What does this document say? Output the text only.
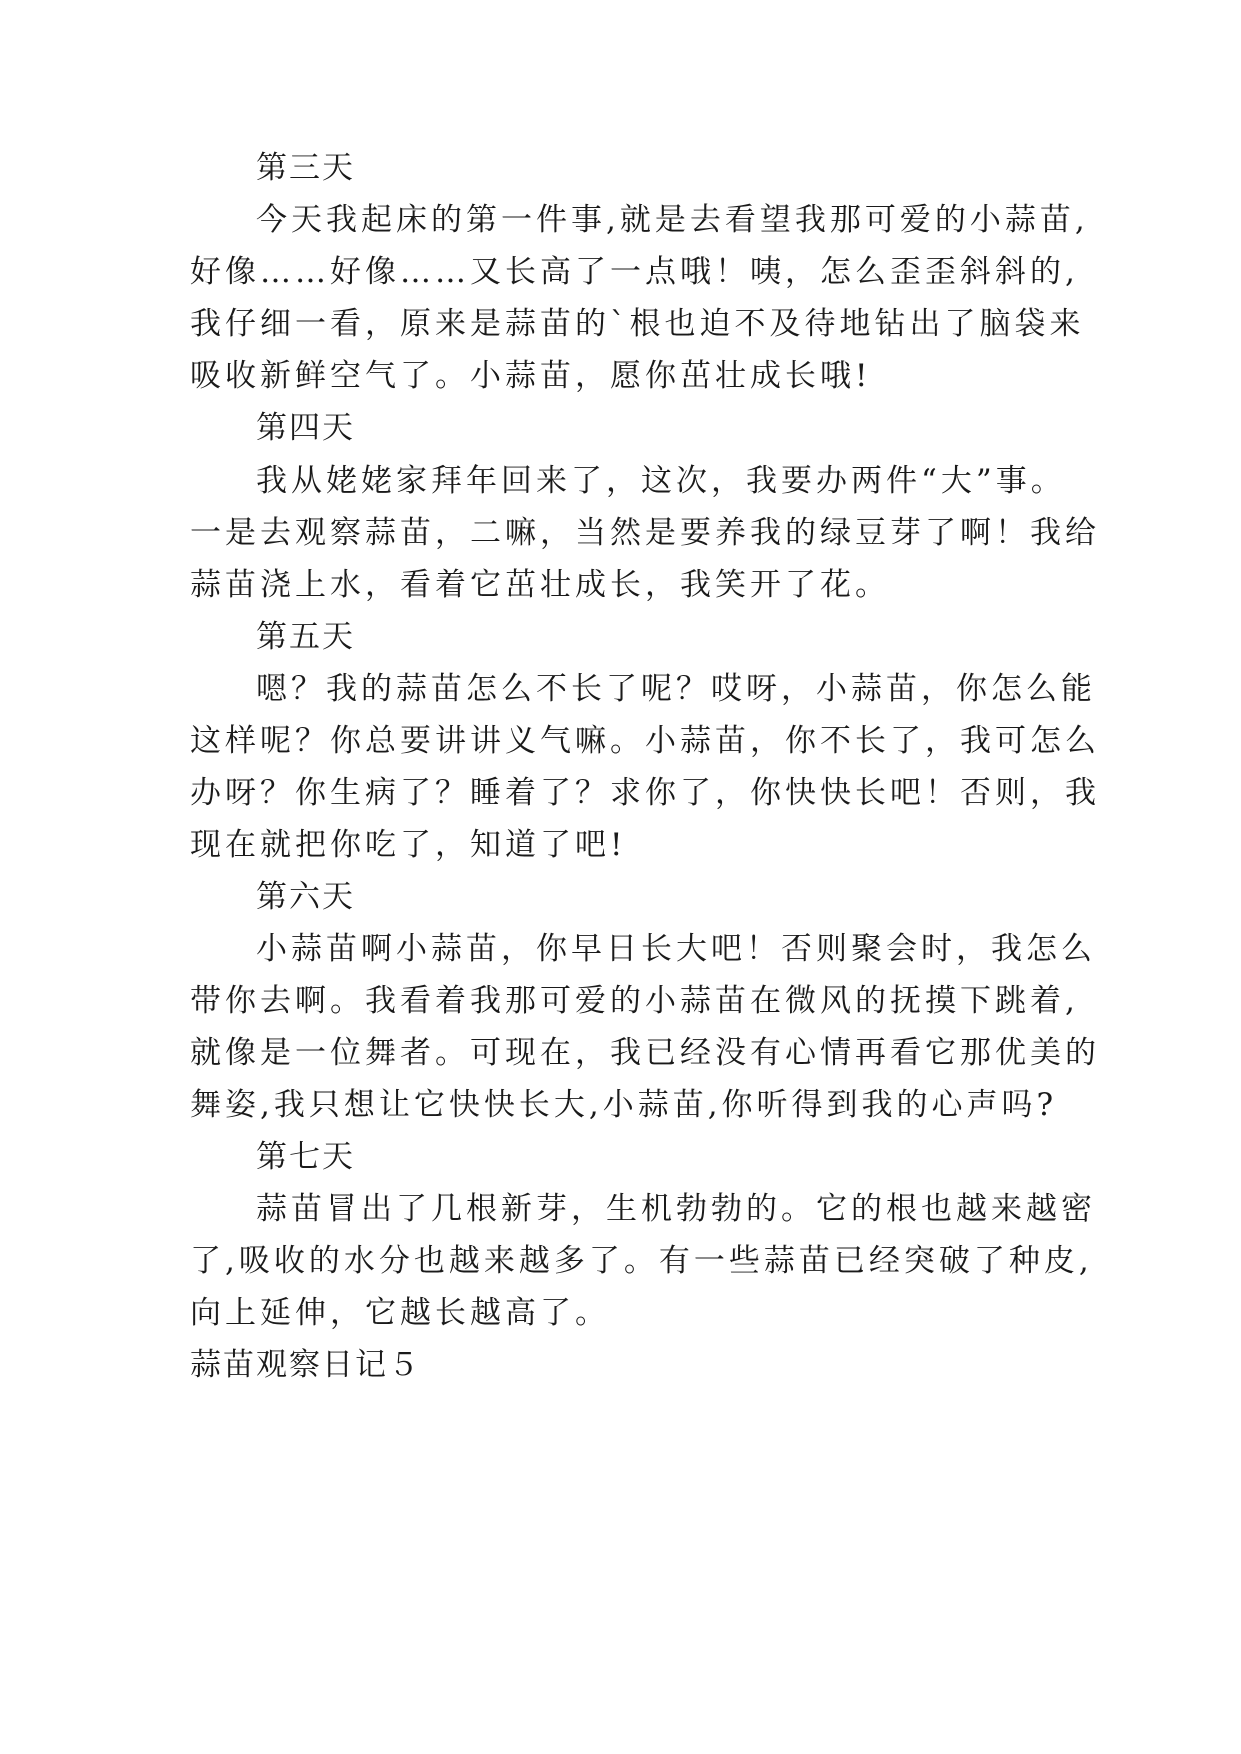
第三天
今天我起床的第一件事,就是去看望我那可爱的小蒜苗,
好像……好像……又长高了一点哦！咦，怎么歪歪斜斜的,
我仔细一看，原来是蒜苗的`根也迫不及待地钻出了脑袋来
吸收新鲜空气了。小蒜苗，愿你茁壮成长哦!
第四天
我从姥姥家拜年回来了，这次，我要办两件“大”事。
一是去观察蒜苗，二嘛，当然是要养我的绿豆芽了啊！我给
蒜苗浇上水，看着它茁壮成长，我笑开了花。
第五天
嗯？我的蒜苗怎么不长了呢？哎呀，小蒜苗，你怎么能
这样呢？你总要讲讲义气嘛。小蒜苗，你不长了，我可怎么
办呀？你生病了？睡着了？求你了，你快快长吧！否则，我
现在就把你吃了，知道了吧!
第六天
小蒜苗啊小蒜苗，你早日长大吧！否则聚会时，我怎么
带你去啊。我看着我那可爱的小蒜苗在微风的抚摸下跳着,
就像是一位舞者。可现在，我已经没有心情再看它那优美的
舞姿,我只想让它快快长大,小蒜苗,你听得到我的心声吗?
第七天
蒜苗冒出了几根新芽，生机勃勃的。它的根也越来越密
了,吸收的水分也越来越多了。有一些蒜苗已经突破了种皮,
向上延伸，它越长越高了。
蒜苗观察日记５
